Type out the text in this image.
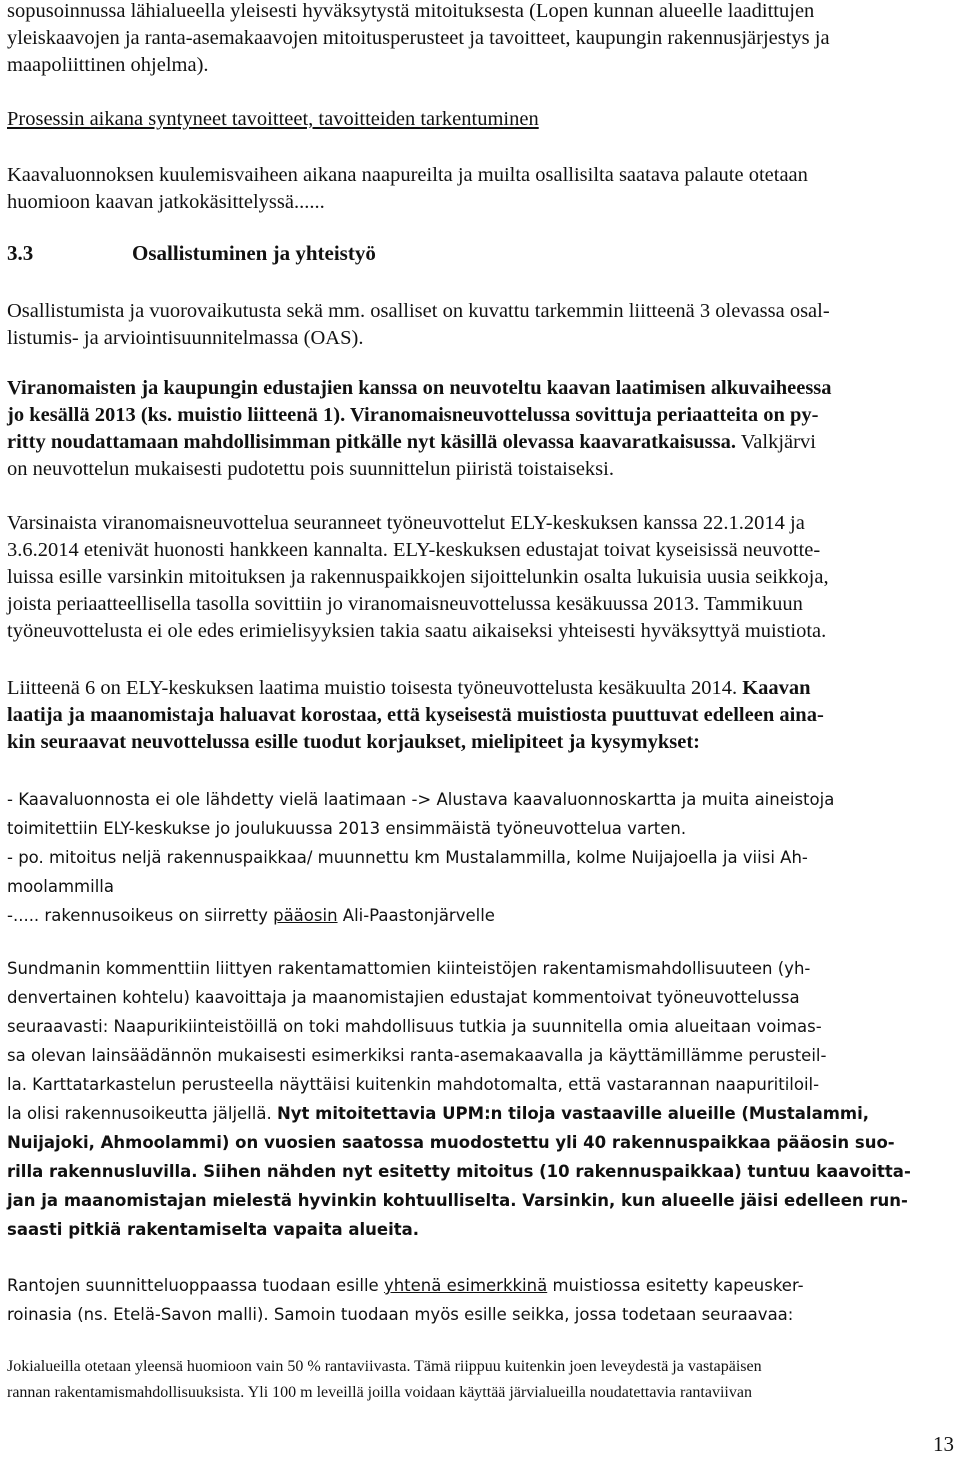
sopusoinnussa lähialueella yleisesti hyväksytystä mitoituksesta (Lopen kunnan alueelle laadittujen
yleiskaavojen ja ranta-asemakaavojen mitoitusperusteet ja tavoitteet, kaupungin rakennusjärjestys ja
maapoliittinen ohjelma).
Prosessin aikana syntyneet tavoitteet, tavoitteiden tarkentuminen
Kaavaluonnoksen kuulemisvaiheen aikana naapureilta ja muilta osallisilta saatava palaute otetaan
huomioon kaavan jatkokäsittelyssä......
3.3	Osallistuminen ja yhteistyö
Osallistumista ja vuorovaikutusta sekä mm. osalliset on kuvattu tarkemmin liitteenä 3 olevassa osal-
listumis- ja arviointisuunnitelmassa (OAS).
Viranomaisten ja kaupungin edustajien kanssa on neuvoteltu kaavan laatimisen alkuvaiheessa
jo kesällä 2013 (ks. muistio liitteenä 1). Viranomaisneuvottelussa sovittuja periaatteita on py-
ritty noudattamaan mahdollisimman pitkälle nyt käsillä olevassa kaavaratkaisussa. Valkjärvi
on neuvottelun mukaisesti pudotettu pois suunnittelun piiristä toistaiseksi.
Varsinaista viranomaisneuvottelua seuranneet työneuvottelut ELY-keskuksen kanssa 22.1.2014 ja
3.6.2014 etenivät huonosti hankkeen kannalta. ELY-keskuksen edustajat toivat kyseisissä neuvotte-
luissa esille varsinkin mitoituksen ja rakennuspaikkojen sijoittelunkin osalta lukuisia uusia seikkoja,
joista periaatteellisella tasolla sovittiin jo viranomaisneuvottelussa kesäkuussa 2013. Tammikuun
työneuvottelusta ei ole edes erimielisyyksien takia saatu aikaiseksi yhteisesti hyväksyttyä muistiota.
Liitteenä 6 on ELY-keskuksen laatima muistio toisesta työneuvottelusta kesäkuulta 2014. Kaavan
laatija ja maanomistaja haluavat korostaa, että kyseisestä muistiosta puuttuvat edelleen aina-
kin seuraavat neuvottelussa esille tuodut korjaukset, mielipiteet ja kysymykset:
- Kaavaluonnosta ei ole lähdetty vielä laatimaan -> Alustava kaavaluonnoskartta ja muita aineistoja
toimitettiin ELY-keskukse jo joulukuussa 2013 ensimmäistä työneuvottelua varten.
- po. mitoitus neljä rakennuspaikkaa/ muunnettu km Mustalammilla, kolme Nuijajoella ja viisi Ah-
moolammilla
-..... rakennusoikeus on siirretty pääosin Ali-Paastonjärvelle
Sundmanin kommenttiin liittyen rakentamattomien kiinteistöjen rakentamismahdollisuuteen (yh-
denvertainen kohtelu) kaavoittaja ja maanomistajien edustajat kommentoivat työneuvottelussa
seuraavasti: Naapurikiinteistöillä on toki mahdollisuus tutkia ja suunnitella omia alueitaan voimas-
sa olevan lainsäädännön mukaisesti esimerkiksi ranta-asemakaavalla ja käyttämillämme perusteil-
la. Karttatarkastelun perusteella näyttäisi kuitenkin mahdotomalta, että vastarannan naapuritiloil-
la olisi rakennusoikeutta jäljellä. Nyt mitoitettavia UPM:n tiloja vastaaville alueille (Mustalammi,
Nuijajoki, Ahmoolammi) on vuosien saatossa muodostettu yli 40 rakennuspaikkaa pääosin suo-
rilla rakennusluvilla. Siihen nähden nyt esitetty mitoitus (10 rakennuspaikkaa) tuntuu kaavoitta-
jan ja maanomistajan mielestä hyvinkin kohtuulliselta. Varsinkin, kun alueelle jäisi edelleen run-
saasti pitkiä rakentamiselta vapaita alueita.
Rantojen suunnitteluoppaassa tuodaan esille yhtenä esimerkkinä muistiossa esitetty kapeusker-
roinasia (ns. Etelä-Savon malli). Samoin tuodaan myös esille seikka, jossa todetaan seuraavaa:
Jokialueilla otetaan yleensä huomioon vain 50 % rantaviivasta. Tämä riippuu kuitenkin joen leveydestä ja vastapäisen
rannan rakentamismahdollisuuksista. Yli 100 m leveillä joilla voidaan käyttää järvialueilla noudatettavia rantaviivan
13
